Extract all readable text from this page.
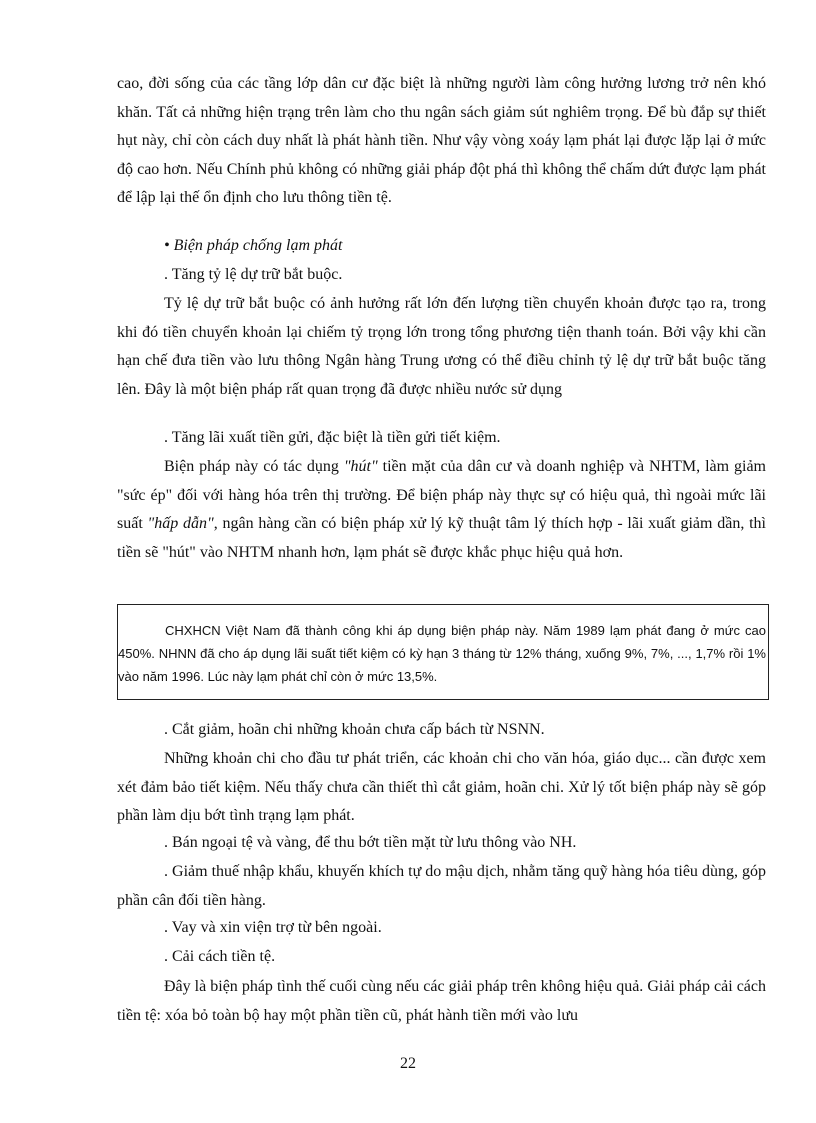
cao, đời sống của các tầng lớp dân cư đặc biệt là những người làm công hưởng lương trở nên khó khăn. Tất cả những hiện trạng trên làm cho thu ngân sách giảm sút nghiêm trọng. Để bù đắp sự thiết hụt này, chỉ còn cách duy nhất là phát hành tiền. Như vậy vòng xoáy lạm phát lại được lặp lại ở mức độ cao hơn. Nếu Chính phủ không có những giải pháp đột phá thì không thể chấm dứt được lạm phát để lập lại thế ổn định cho lưu thông tiền tệ.

• Biện pháp chống lạm phát

. Tăng tỷ lệ dự trữ bắt buộc.

Tỷ lệ dự trữ bắt buộc có ảnh hưởng rất lớn đến lượng tiền chuyển khoản được tạo ra, trong khi đó tiền chuyển khoản lại chiếm tỷ trọng lớn trong tổng phương tiện thanh toán. Bởi vậy khi cần hạn chế đưa tiền vào lưu thông Ngân hàng Trung ương có thể điều chỉnh tỷ lệ dự trữ bắt buộc tăng lên. Đây là một biện pháp rất quan trọng đã được nhiều nước sử dụng

. Tăng lãi xuất tiền gửi, đặc biệt là tiền gửi tiết kiệm.

Biện pháp này có tác dụng "hút" tiền mặt của dân cư và doanh nghiệp và NHTM, làm giảm "sức ép" đối với hàng hóa trên thị trường. Để biện pháp này thực sự có hiệu quả, thì ngoài mức lãi suất "hấp dẫn", ngân hàng cần có biện pháp xử lý kỹ thuật tâm lý thích hợp - lãi xuất giảm dần, thì tiền sẽ "hút" vào NHTM nhanh hơn, lạm phát sẽ được khắc phục hiệu quả hơn.

CHXHCN Việt Nam đã thành công khi áp dụng biện pháp này. Năm 1989 lạm phát đang ở mức cao 450%. NHNN đã cho áp dụng lãi suất tiết kiệm có kỳ hạn 3 tháng từ 12% tháng, xuống 9%, 7%, ..., 1,7% rồi 1% vào năm 1996. Lúc này lạm phát chỉ còn ở mức 13,5%.

. Cắt giảm, hoãn chi những khoản chưa cấp bách từ NSNN.

Những khoản chi cho đầu tư phát triển, các khoản chi cho văn hóa, giáo dục... cần được xem xét đảm bảo tiết kiệm. Nếu thấy chưa cần thiết thì cắt giảm, hoãn chi. Xử lý tốt biện pháp này sẽ góp phần làm dịu bớt tình trạng lạm phát.

. Bán ngoại tệ và vàng, để thu bớt tiền mặt từ lưu thông vào NH.

. Giảm thuế nhập khẩu, khuyến khích tự do mậu dịch, nhằm tăng quỹ hàng hóa tiêu dùng, góp phần cân đối tiền hàng.

. Vay và xin viện trợ từ bên ngoài.

. Cải cách tiền tệ.

Đây là biện pháp tình thế cuối cùng nếu các giải pháp trên không hiệu quả. Giải pháp cải cách tiền tệ: xóa bỏ toàn bộ hay một phần tiền cũ, phát hành tiền mới vào lưu

22
